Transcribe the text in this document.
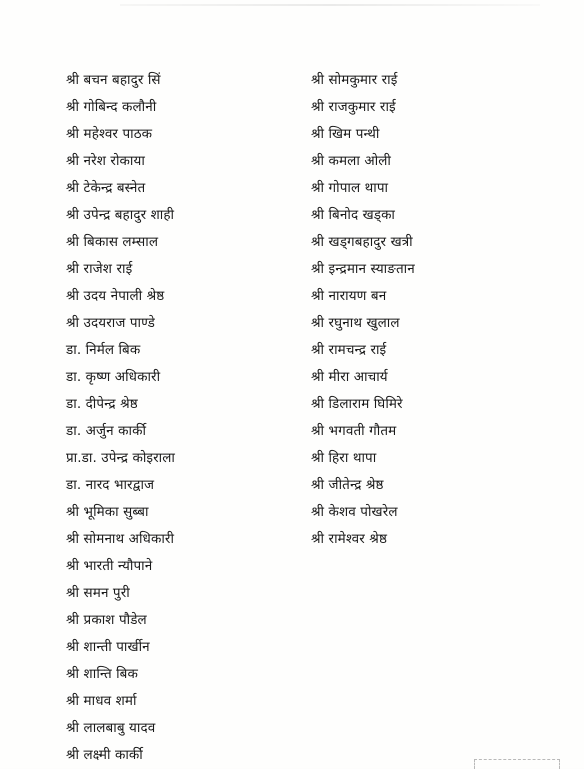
श्री बचन बहादुर सिं
श्री गोबिन्द कलौनी
श्री महेश्वर पाठक
श्री नरेश रोकाया
श्री टेकेन्द्र बस्नेत
श्री उपेन्द्र बहादुर शाही
श्री बिकास लम्साल
श्री राजेश राई
श्री उदय नेपाली श्रेष्ठ
श्री उदयराज पाण्डे
डा. निर्मल बिक
डा. कृष्ण अधिकारी
डा. दीपेन्द्र श्रेष्ठ
डा. अर्जुन कार्की
प्रा.डा. उपेन्द्र कोइराला
डा. नारद भारद्वाज
श्री भूमिका सुब्बा
श्री सोमनाथ अधिकारी
श्री भारती न्यौपाने
श्री समन पुरी
श्री प्रकाश पौडेल
श्री शान्ती पार्खीन
श्री शान्ति बिक
श्री माधव शर्मा
श्री लालबाबु यादव
श्री लक्ष्मी कार्की
श्री सोमकुमार राई
श्री राजकुमार राई
श्री खिम पन्थी
श्री कमला ओली
श्री गोपाल थापा
श्री बिनोद खड्का
श्री खड्गबहादुर खत्री
श्री इन्द्रमान स्याङतान
श्री नारायण बन
श्री रघुनाथ खुलाल
श्री रामचन्द्र राई
श्री मीरा आचार्य
श्री डिलाराम घिमिरे
श्री भगवती गौतम
श्री हिरा थापा
श्री जीतेन्द्र श्रेष्ठ
श्री केशव पोखरेल
श्री रामेश्वर श्रेष्ठ
